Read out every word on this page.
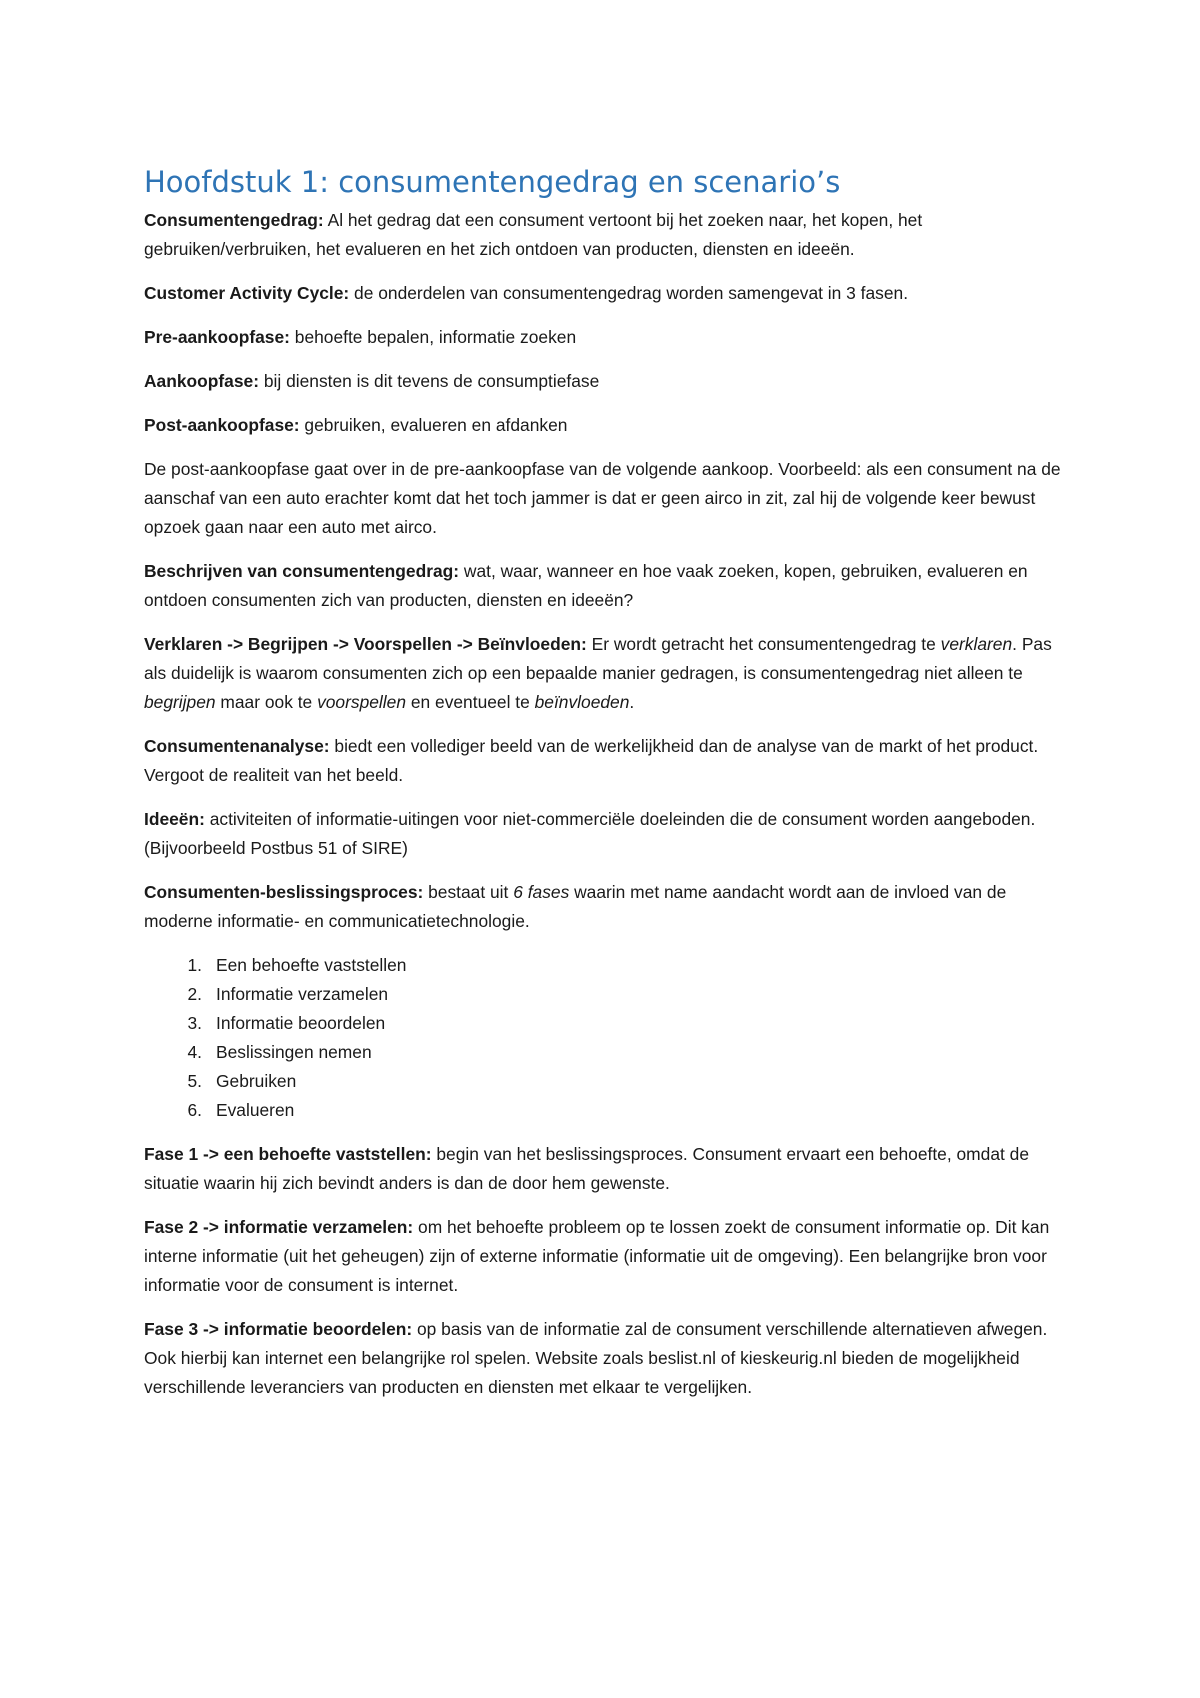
Hoofdstuk 1: consumentengedrag en scenario’s

Consumentengedrag: Al het gedrag dat een consument vertoont bij het zoeken naar, het kopen, het gebruiken/verbruiken, het evalueren en het zich ontdoen van producten, diensten en ideeën.

Customer Activity Cycle: de onderdelen van consumentengedrag worden samengevat in 3 fasen.

Pre-aankoopfase: behoefte bepalen, informatie zoeken

Aankoopfase: bij diensten is dit tevens de consumptiefase

Post-aankoopfase: gebruiken, evalueren en afdanken

De post-aankoopfase gaat over in de pre-aankoopfase van de volgende aankoop. Voorbeeld: als een consument na de aanschaf van een auto erachter komt dat het toch jammer is dat er geen airco in zit, zal hij de volgende keer bewust opzoek gaan naar een auto met airco.

Beschrijven van consumentengedrag: wat, waar, wanneer en hoe vaak zoeken, kopen, gebruiken, evalueren en ontdoen consumenten zich van producten, diensten en ideeën?

Verklaren -> Begrijpen -> Voorspellen -> Beïnvloeden: Er wordt getracht het consumentengedrag te verklaren. Pas als duidelijk is waarom consumenten zich op een bepaalde manier gedragen, is consumentengedrag niet alleen te begrijpen maar ook te voorspellen en eventueel te beïnvloeden.

Consumentenanalyse: biedt een vollediger beeld van de werkelijkheid dan de analyse van de markt of het product. Vergoot de realiteit van het beeld.

Ideeën: activiteiten of informatie-uitingen voor niet-commerciële doeleinden die de consument worden aangeboden. (Bijvoorbeeld Postbus 51 of SIRE)

Consumenten-beslissingsproces: bestaat uit 6 fases waarin met name aandacht wordt aan de invloed van de moderne informatie- en communicatietechnologie.

1. Een behoefte vaststellen
2. Informatie verzamelen
3. Informatie beoordelen
4. Beslissingen nemen
5. Gebruiken
6. Evalueren

Fase 1 -> een behoefte vaststellen: begin van het beslissingsproces. Consument ervaart een behoefte, omdat de situatie waarin hij zich bevindt anders is dan de door hem gewenste.

Fase 2 -> informatie verzamelen: om het behoefte probleem op te lossen zoekt de consument informatie op. Dit kan interne informatie (uit het geheugen) zijn of externe informatie (informatie uit de omgeving). Een belangrijke bron voor informatie voor de consument is internet.

Fase 3 -> informatie beoordelen: op basis van de informatie zal de consument verschillende alternatieven afwegen. Ook hierbij kan internet een belangrijke rol spelen. Website zoals beslist.nl of kieskeurig.nl bieden de mogelijkheid verschillende leveranciers van producten en diensten met elkaar te vergelijken.
